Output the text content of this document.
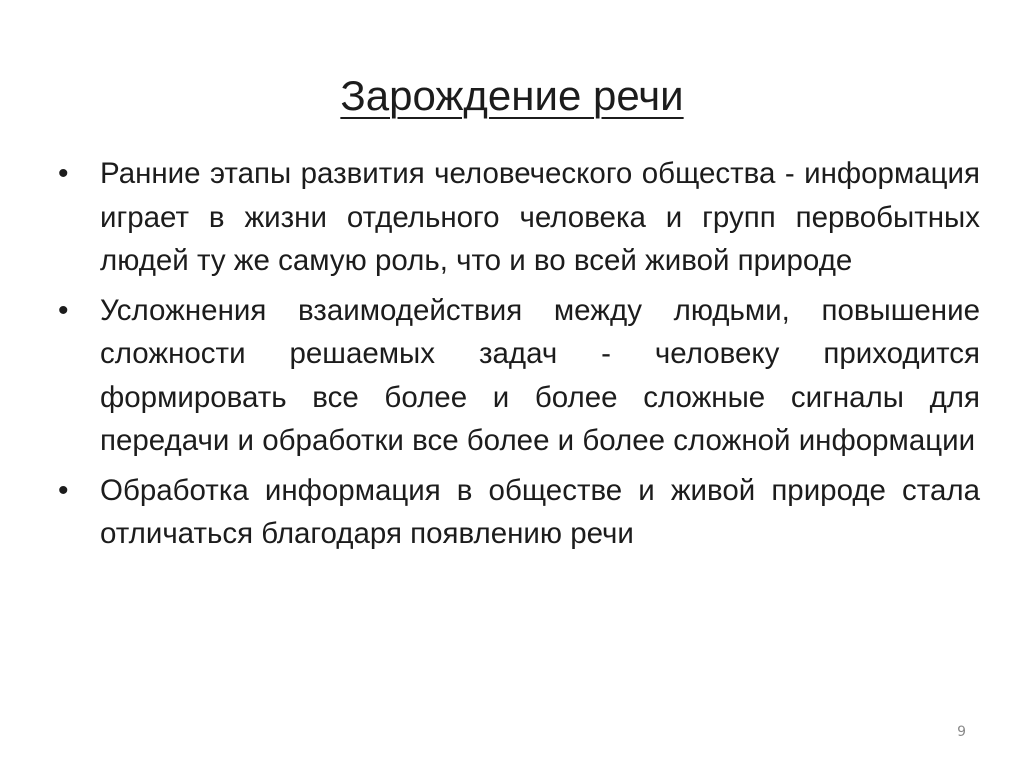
Зарождение речи
•	Ранние этапы развития человеческого общества - информация играет в жизни отдельного человека и групп первобытных людей ту же самую роль, что и во всей живой природе
•	Усложнения взаимодействия между людьми, повышение сложности решаемых задач - человеку приходится формировать все более и более сложные сигналы для передачи и обработки все более и более сложной информации
•	Обработка информация в обществе и живой природе стала отличаться благодаря появлению речи
9
